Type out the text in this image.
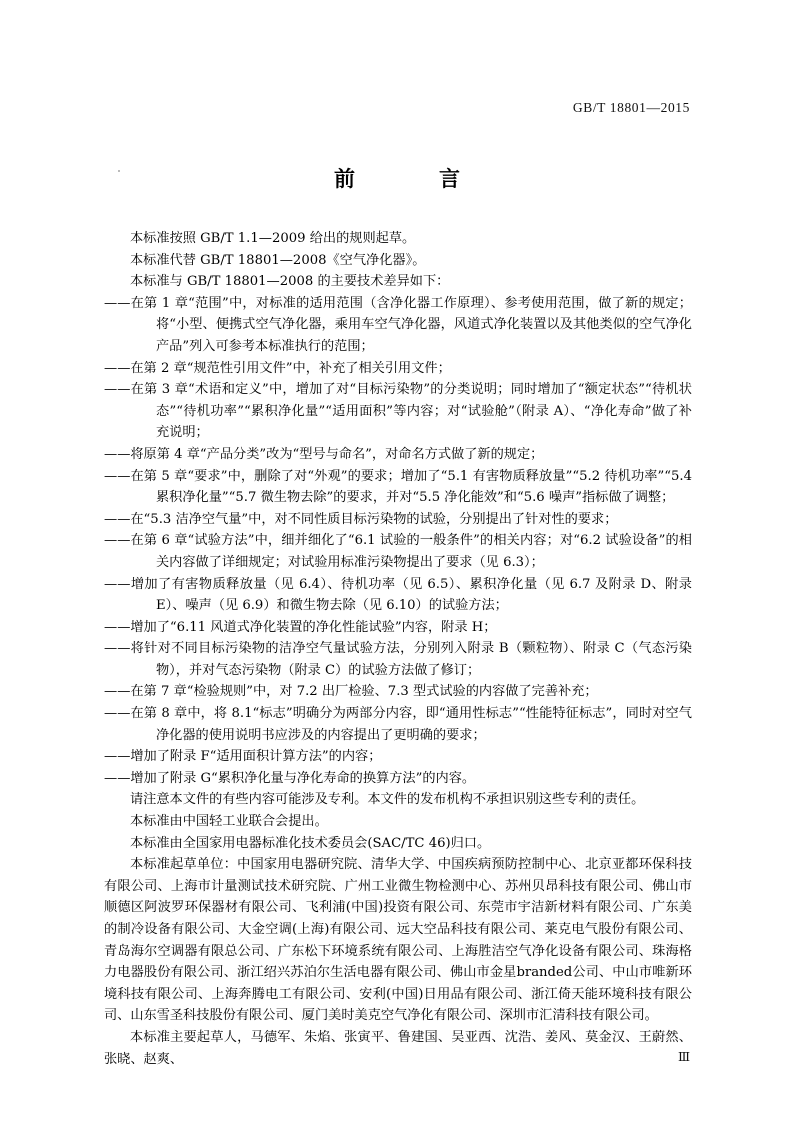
GB/T 18801—2015
前　　言

本标准按照 GB/T 1.1—2009 给出的规则起草。

本标准代替 GB/T 18801—2008《空气净化器》。

本标准与 GB/T 18801—2008 的主要技术差异如下：

——在第 1 章“范围”中，对标准的适用范围（含净化器工作原理）、参考使用范围，做了新的规定；将“小型、便携式空气净化器，乘用车空气净化器，风道式净化装置以及其他类似的空气净化产品”列入可参考本标准执行的范围；

——在第 2 章“规范性引用文件”中，补充了相关引用文件；

——在第 3 章“术语和定义”中，增加了对“目标污染物”的分类说明；同时增加了“额定状态”“待机状态”“待机功率”“累积净化量”“适用面积”等内容；对“试验舱”（附录 A）、“净化寿命”做了补充说明；

——将原第 4 章“产品分类”改为“型号与命名”，对命名方式做了新的规定；

——在第 5 章“要求”中，删除了对“外观”的要求；增加了“5.1 有害物质释放量”“5.2 待机功率”“5.4 累积净化量”“5.7 微生物去除”的要求，并对“5.5 净化能效”和“5.6 噪声”指标做了调整；

——在“5.3 洁净空气量”中，对不同性质目标污染物的试验，分别提出了针对性的要求；

——在第 6 章“试验方法”中，细并细化了“6.1 试验的一般条件”的相关内容；对“6.2 试验设备”的相关内容做了详细规定；对试验用标准污染物提出了要求（见 6.3）；

——增加了有害物质释放量（见 6.4）、待机功率（见 6.5）、累积净化量（见 6.7 及附录 D、附录 E）、噪声（见 6.9）和微生物去除（见 6.10）的试验方法；

——增加了“6.11 风道式净化装置的净化性能试验”内容，附录 H；

——将针对不同目标污染物的洁净空气量试验方法，分别列入附录 B（颗粒物）、附录 C（气态污染物），并对气态污染物（附录 C）的试验方法做了修订；

——在第 7 章“检验规则”中，对 7.2 出厂检验、7.3 型式试验的内容做了完善补充；

——在第 8 章中，将 8.1“标志”明确分为两部分内容，即“通用性标志”“性能特征标志”，同时对空气净化器的使用说明书应涉及的内容提出了更明确的要求；

——增加了附录 F“适用面积计算方法”的内容；

——增加了附录 G“累积净化量与净化寿命的换算方法”的内容。

请注意本文件的有些内容可能涉及专利。本文件的发布机构不承担识别这些专利的责任。

本标准由中国轻工业联合会提出。

本标准由全国家用电器标准化技术委员会(SAC/TC 46)归口。

本标准起草单位：中国家用电器研究院、清华大学、中国疾病预防控制中心、北京亚都环保科技有限公司、上海市计量测试技术研究院、广州工业微生物检测中心、苏州贝昂科技有限公司、佛山市顺德区阿波罗环保器材有限公司、飞利浦(中国)投资有限公司、东莞市宇洁新材料有限公司、广东美的制冷设备有限公司、大金空调(上海)有限公司、远大空品科技有限公司、莱克电气股份有限公司、青岛海尔空调器有限总公司、广东松下环境系统有限公司、上海胜洁空气净化设备有限公司、珠海格力电器股份有限公司、浙江绍兴苏泊尔生活电器有限公司、佛山市金星branded公司、中山市唯新环境科技有限公司、上海奔腾电工有限公司、安利(中国)日用品有限公司、浙江倚天能环境科技有限公司、山东雪圣科技股份有限公司、厦门美时美克空气净化有限公司、深圳市汇清科技有限公司。

本标准主要起草人，马德军、朱焰、张寅平、鲁建国、吴亚西、沈浩、姜风、莫金汉、王蔚然、张晓、赵爽、	Ⅲ
